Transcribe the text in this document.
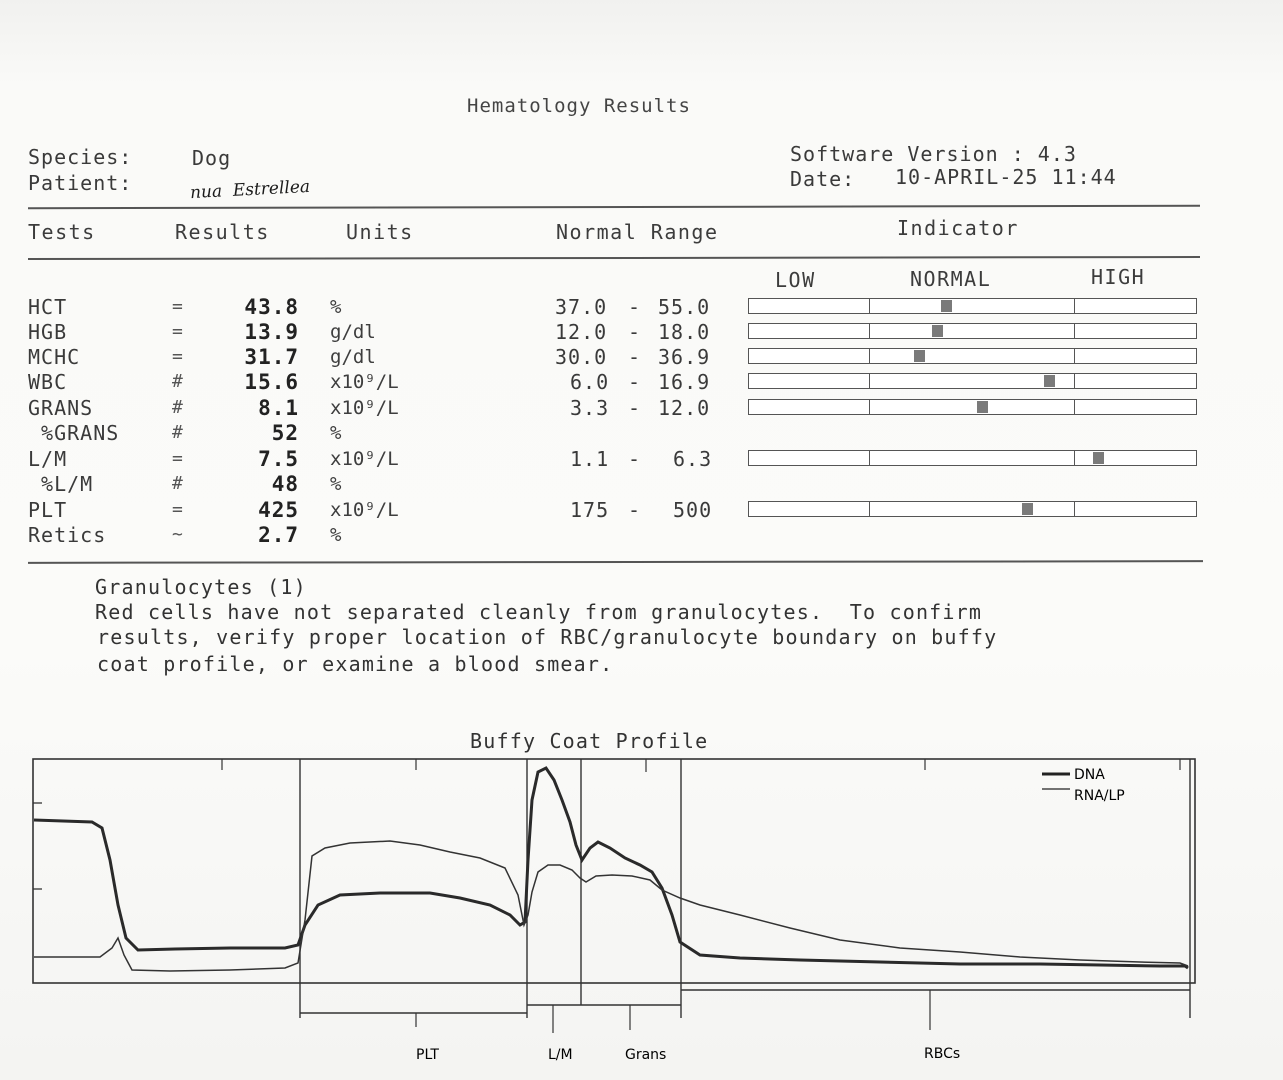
Hematology Results
Species:	Dog
Patient:	nua  Estrellea
Software Version : 4.3
Date: 10-APRIL-25 11:44
Tests	Results	Units	Normal Range	Indicator
LOW	NORMAL	HIGH
HCT	=	43.8 %	37.0 - 55.0
HGB	=	13.9 g/dl	12.0 - 18.0
MCHC	=	31.7 g/dl	30.0 - 36.9
WBC	#	15.6 x10⁹/L	6.0 - 16.9
GRANS	#	8.1 x10⁹/L	3.3 - 12.0
%GRANS	#	52 %
L/M	=	7.5 x10⁹/L	1.1 - 6.3
%L/M	#	48 %
PLT	=	425 x10⁹/L	175 - 500
Retics	~	2.7 %
Granulocytes (1)
Red cells have not separated cleanly from granulocytes.  To confirm
results, verify proper location of RBC/granulocyte boundary on buffy
coat profile, or examine a blood smear.
Buffy Coat Profile
DNA
RNA/LP
PLT	L/M	Grans	RBCs
